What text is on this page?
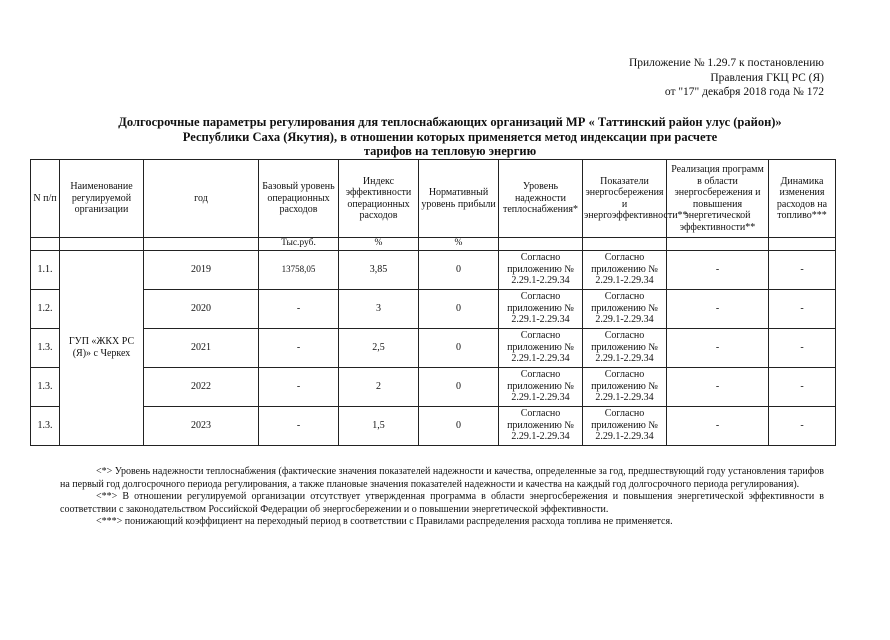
Приложение № 1.29.7 к постановлению
Правления ГКЦ РС (Я)
от "17" декабря 2018 года № 172
Долгосрочные параметры регулирования для теплоснабжающих организаций МР « Таттинский район улус (район)»
Республики Саха (Якутия), в отношении которых применяется метод индексации при расчете
тарифов на тепловую энергию
N п/п	Наименование регулируемой организации	год	Базовый уровень операционных расходов	Индекс эффективности операционных расходов	Нормативный уровень прибыли	Уровень надежности теплоснабжения*	Показатели энергосбережения и энергоэффективности**	Реализация программ в области энергосбережения и повышения энергетической эффективности**	Динамика изменения расходов на топливо***
			Тыс.руб.	%	%				
1.1.	ГУП «ЖКХ РС (Я)» с Черкех	2019	13758,05	3,85	0	Согласно приложению № 2.29.1-2.29.34	Согласно приложению № 2.29.1-2.29.34	-	-
1.2.		2020	-	3	0	Согласно приложению № 2.29.1-2.29.34	Согласно приложению № 2.29.1-2.29.34	-	-
1.3.		2021	-	2,5	0	Согласно приложению № 2.29.1-2.29.34	Согласно приложению № 2.29.1-2.29.34	-	-
1.3.		2022	-	2	0	Согласно приложению № 2.29.1-2.29.34	Согласно приложению № 2.29.1-2.29.34	-	-
1.3.		2023	-	1,5	0	Согласно приложению № 2.29.1-2.29.34	Согласно приложению № 2.29.1-2.29.34	-	-

<*> Уровень надежности теплоснабжения (фактические значения показателей надежности и качества, определенные за год, предшествующий году установления тарифов на первый год долгосрочного периода регулирования, а также плановые значения показателей надежности и качества на каждый год долгосрочного периода регулирования).

<**> В отношении регулируемой организации отсутствует утвержденная программа в области энергосбережения и повышения энергетической эффективности в соответствии с законодательством Российской Федерации об энергосбережении и о повышении энергетической эффективности.

<***> понижающий коэффициент на переходный период в соответствии с Правилами распределения расхода топлива не применяется.
